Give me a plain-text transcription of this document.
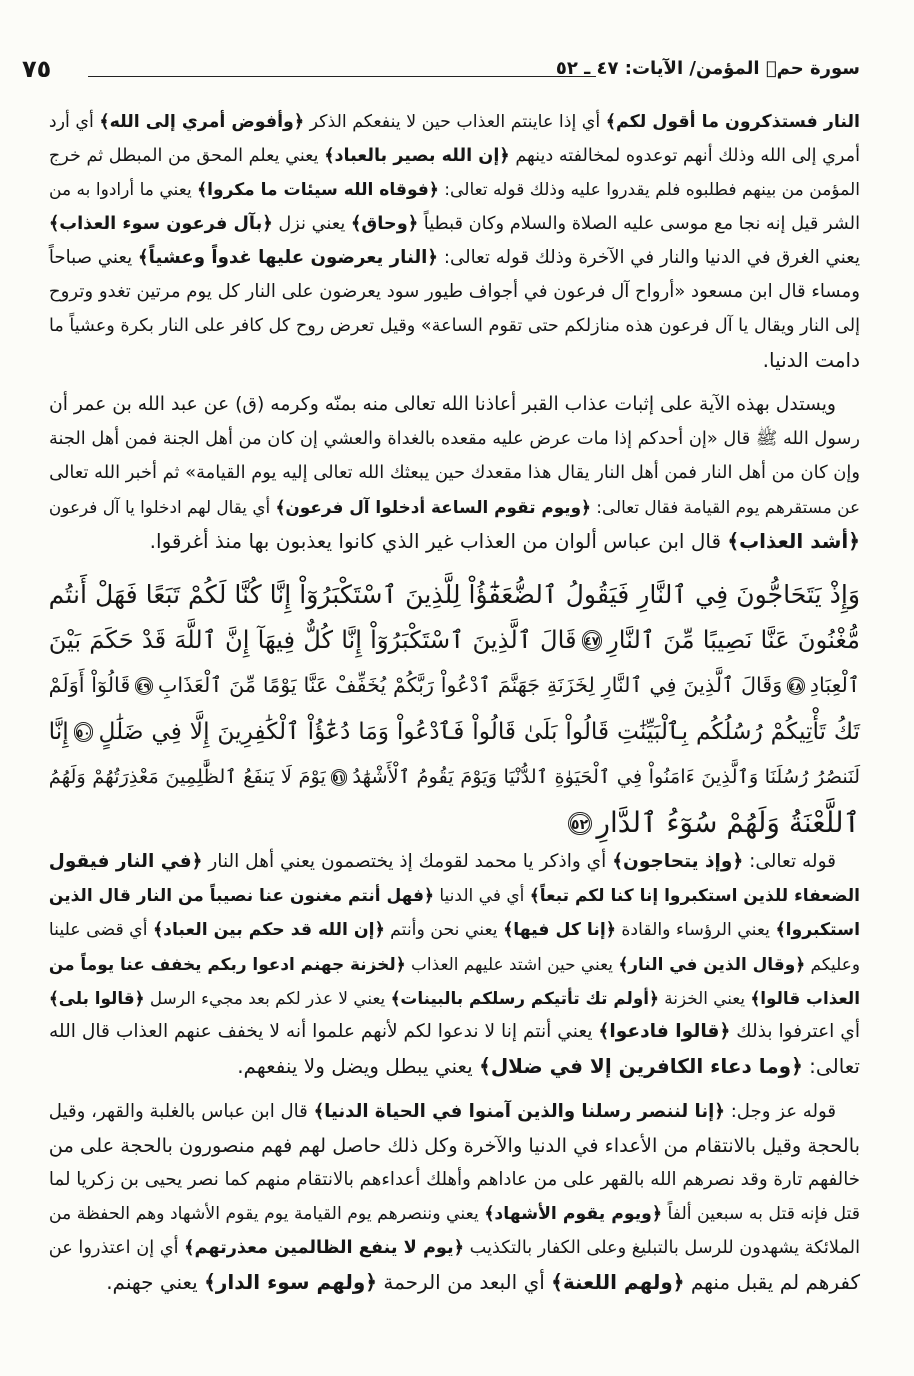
سورة حمۤ المؤمن/ الآيات: ٤٧ ـ ٥٢
٧٥
النار فستذكرون ما أقول لكم﴾ أي إذا عاينتم العذاب حين لا ينفعكم الذكر ﴿وأفوض أمري إلى الله﴾ أي أرد
أمري إلى الله وذلك أنهم توعدوه لمخالفته دينهم ﴿إن الله بصير بالعباد﴾ يعني يعلم المحق من المبطل ثم خرج
المؤمن من بينهم فطلبوه فلم يقدروا عليه وذلك قوله تعالى: ﴿فوقاه الله سيئات ما مكروا﴾ يعني ما أرادوا به من
الشر قيل إنه نجا مع موسى عليه الصلاة والسلام وكان قبطياً ﴿وحاق﴾ يعني نزل ﴿بآل فرعون سوء العذاب﴾
يعني الغرق في الدنيا والنار في الآخرة وذلك قوله تعالى: ﴿النار يعرضون عليها غدواً وعشياً﴾ يعني صباحاً
ومساء قال ابن مسعود «أرواح آل فرعون في أجواف طيور سود يعرضون على النار كل يوم مرتين تغدو وتروح
إلى النار ويقال يا آل فرعون هذه منازلكم حتى تقوم الساعة» وقيل تعرض روح كل كافر على النار بكرة وعشياً ما
دامت الدنيا.
ويستدل بهذه الآية على إثبات عذاب القبر أعاذنا الله تعالى منه بمنّه وكرمه (ق) عن عبد الله بن عمر أن
رسول الله ﷺ قال «إن أحدكم إذا مات عرض عليه مقعده بالغداة والعشي إن كان من أهل الجنة فمن أهل الجنة
وإن كان من أهل النار فمن أهل النار يقال هذا مقعدك حين يبعثك الله تعالى إليه يوم القيامة» ثم أخبر الله تعالى
عن مستقرهم يوم القيامة فقال تعالى: ﴿ويوم تقوم الساعة أدخلوا آل فرعون﴾ أي يقال لهم ادخلوا يا آل فرعون
﴿أشد العذاب﴾ قال ابن عباس ألوان من العذاب غير الذي كانوا يعذبون بها منذ أغرقوا.
وَإِذْ يَتَحَاجُّونَ فِي ٱلنَّارِ فَيَقُولُ ٱلضُّعَفَٰٓؤُاْ لِلَّذِينَ ٱسْتَكْبَرُوٓاْ إِنَّا كُنَّا لَكُمْ تَبَعًا فَهَلْ أَنتُم
مُّغْنُونَ عَنَّا نَصِيبًا مِّنَ ٱلنَّارِ٤٧قَالَ ٱلَّذِينَ ٱسْتَكْبَرُوٓاْ إِنَّا كُلٌّ فِيهَآ إِنَّ ٱللَّهَ قَدْ حَكَمَ بَيْنَ
ٱلْعِبَادِ٤٨وَقَالَ ٱلَّذِينَ فِي ٱلنَّارِ لِخَزَنَةِ جَهَنَّمَ ٱدْعُواْ رَبَّكُمْ يُخَفِّفْ عَنَّا يَوْمًا مِّنَ ٱلْعَذَابِ٤٩قَالُوٓاْ أَوَلَمْ
تَكُ تَأْتِيكُمْ رُسُلُكُم بِٱلْبَيِّنَٰتِ قَالُواْ بَلَىٰ قَالُواْ فَٱدْعُواْ وَمَا دُعَٰٓؤُاْ ٱلْكَٰفِرِينَ إِلَّا فِي ضَلَٰلٍ٥٠إِنَّا
لَنَنصُرُ رُسُلَنَا وَٱلَّذِينَ ءَامَنُواْ فِي ٱلْحَيَوٰةِ ٱلدُّنْيَا وَيَوْمَ يَقُومُ ٱلْأَشْهَٰدُ٥١يَوْمَ لَا يَنفَعُ ٱلظَّٰلِمِينَ مَعْذِرَتُهُمْ وَلَهُمُ
ٱللَّعْنَةُ وَلَهُمْ سُوٓءُ ٱلدَّارِ٥٢
قوله تعالى: ﴿وإذ يتحاجون﴾ أي واذكر يا محمد لقومك إذ يختصمون يعني أهل النار ﴿في النار فيقول
الضعفاء للذين استكبروا إنا كنا لكم تبعاً﴾ أي في الدنيا ﴿فهل أنتم مغنون عنا نصيباً من النار قال الذين
استكبروا﴾ يعني الرؤساء والقادة ﴿إنا كل فيها﴾ يعني نحن وأنتم ﴿إن الله قد حكم بين العباد﴾ أي قضى علينا
وعليكم ﴿وقال الذين في النار﴾ يعني حين اشتد عليهم العذاب ﴿لخزنة جهنم ادعوا ربكم يخفف عنا يوماً من
العذاب قالوا﴾ يعني الخزنة ﴿أولم تك تأتيكم رسلكم بالبينات﴾ يعني لا عذر لكم بعد مجيء الرسل ﴿قالوا بلى﴾
أي اعترفوا بذلك ﴿قالوا فادعوا﴾ يعني أنتم إنا لا ندعوا لكم لأنهم علموا أنه لا يخفف عنهم العذاب قال الله
تعالى: ﴿وما دعاء الكافرين إلا في ضلال﴾ يعني يبطل ويضل ولا ينفعهم.
قوله عز وجل: ﴿إنا لننصر رسلنا والذين آمنوا في الحياة الدنيا﴾ قال ابن عباس بالغلبة والقهر، وقيل
بالحجة وقيل بالانتقام من الأعداء في الدنيا والآخرة وكل ذلك حاصل لهم فهم منصورون بالحجة على من
خالفهم تارة وقد نصرهم الله بالقهر على من عاداهم وأهلك أعداءهم بالانتقام منهم كما نصر يحيى بن زكريا لما
قتل فإنه قتل به سبعين ألفاً ﴿ويوم يقوم الأشهاد﴾ يعني وننصرهم يوم القيامة يوم يقوم الأشهاد وهم الحفظة من
الملائكة يشهدون للرسل بالتبليغ وعلى الكفار بالتكذيب ﴿يوم لا ينفع الظالمين معذرتهم﴾ أي إن اعتذروا عن
كفرهم لم يقبل منهم ﴿ولهم اللعنة﴾ أي البعد من الرحمة ﴿ولهم سوء الدار﴾ يعني جهنم.
